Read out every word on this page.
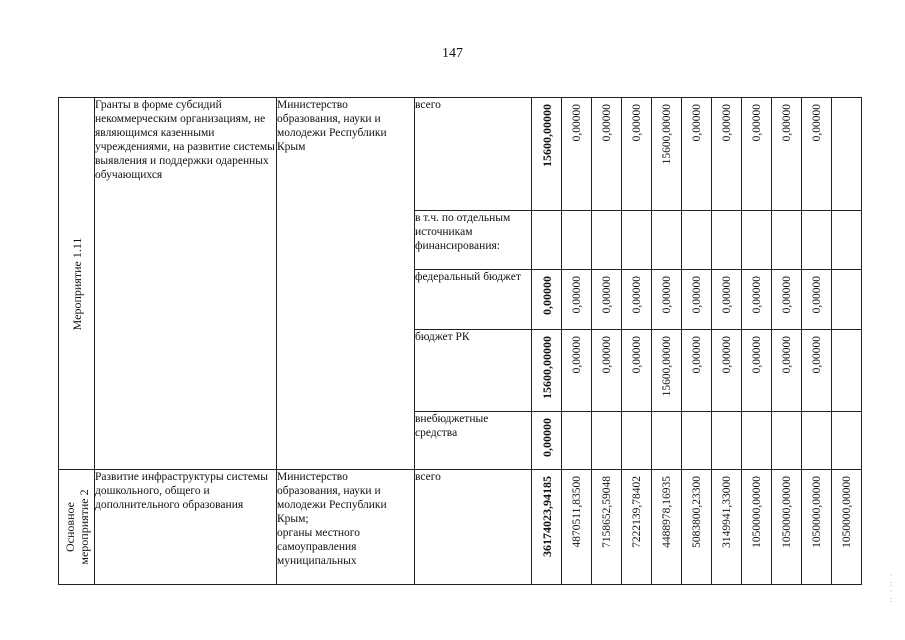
147
Мероприятие 1.11	Гранты в форме субсидий некоммерческим организациям, не являющимся казенными учреждениями, на развитие системы выявления и поддержки одаренных обучающихся	Министерство образования, науки и молодежи Республики Крым	всего	15600,00000	0,00000	0,00000	0,00000	15600,00000	0,00000	0,00000	0,00000	0,00000	0,00000	

			в т.ч. по отдельным источникам финансирования:											
			федеральный бюджет	0,00000	0,00000	0,00000	0,00000	0,00000	0,00000	0,00000	0,00000	0,00000	0,00000	

			бюджет РК	15600,00000	0,00000	0,00000	0,00000	15600,00000	0,00000	0,00000	0,00000	0,00000	0,00000	

			внебюджетные средства	0,00000										

Основное мероприятие 2	Развитие инфраструктуры системы дошкольного, общего и дополнительного образования	Министерство образования, науки и молодежи Республики Крым;
органы местного самоуправления муниципальных	всего	36174023,94185	4870511,83500	7158652,59048	7222139,78402	4488978,16935	5083800,23300	3149941,33000	1050000,00000	1050000,00000	1050000,00000	1050000,00000
·
:
·
:
